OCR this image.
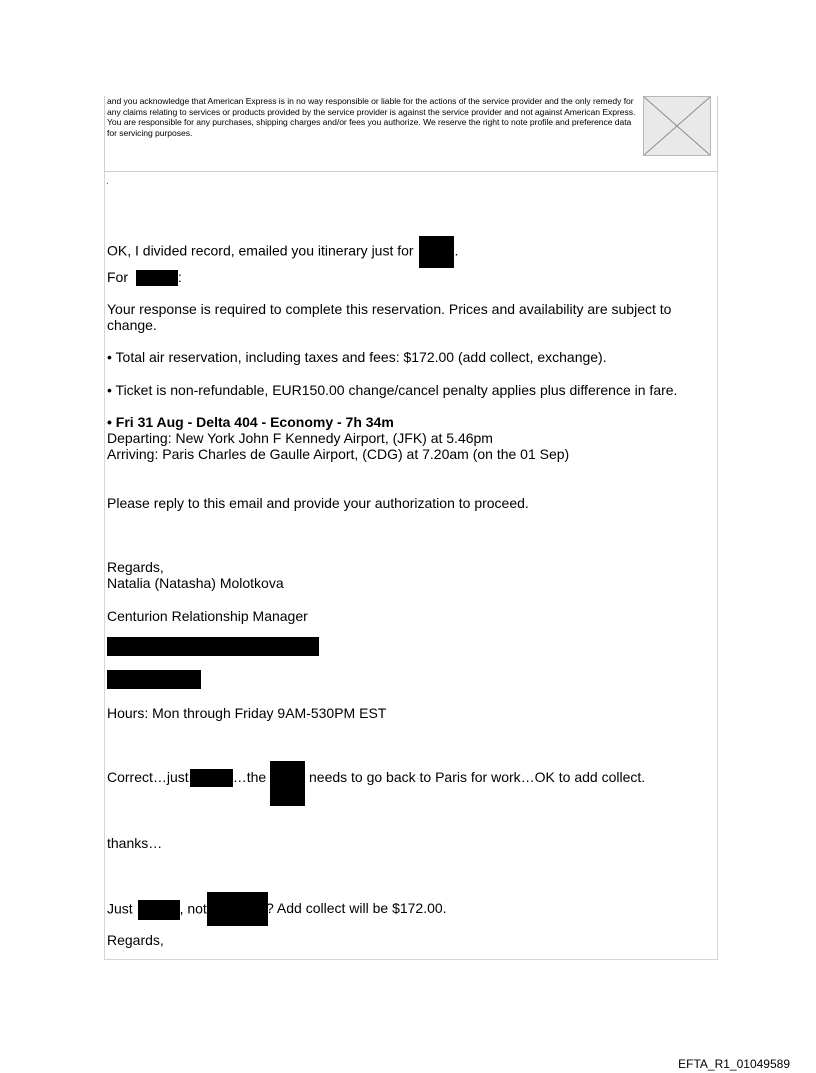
and you acknowledge that American Express is in no way responsible or liable for the actions of the service provider and the only remedy for any claims relating to services or products provided by the service provider is against the service provider and not against American Express. You are responsible for any purchases, shipping charges and/or fees you authorize. We reserve the right to note profile and preference data for servicing purposes.
.
OK, I divided record, emailed you itinerary just for	.
For	:
Your response is required to complete this reservation. Prices and availability are subject to change.
• Total air reservation, including taxes and fees: $172.00 (add collect, exchange).
• Ticket is non-refundable, EUR150.00 change/cancel penalty applies plus difference in fare.
• Fri 31 Aug - Delta 404 - Economy - 7h 34m
Departing: New York John F Kennedy Airport, (JFK) at 5.46pm
Arriving: Paris Charles de Gaulle Airport, (CDG) at 7.20am (on the 01 Sep)
Please reply to this email and provide your authorization to proceed.
Regards,
Natalia (Natasha) Molotkova
Centurion Relationship Manager
Hours: Mon through Friday 9AM-530PM EST
Correct…just	…the	needs to go back to Paris for work…OK to add collect.
thanks…
Just	, not	? Add collect will be $172.00.
Regards,
EFTA_R1_01049589
